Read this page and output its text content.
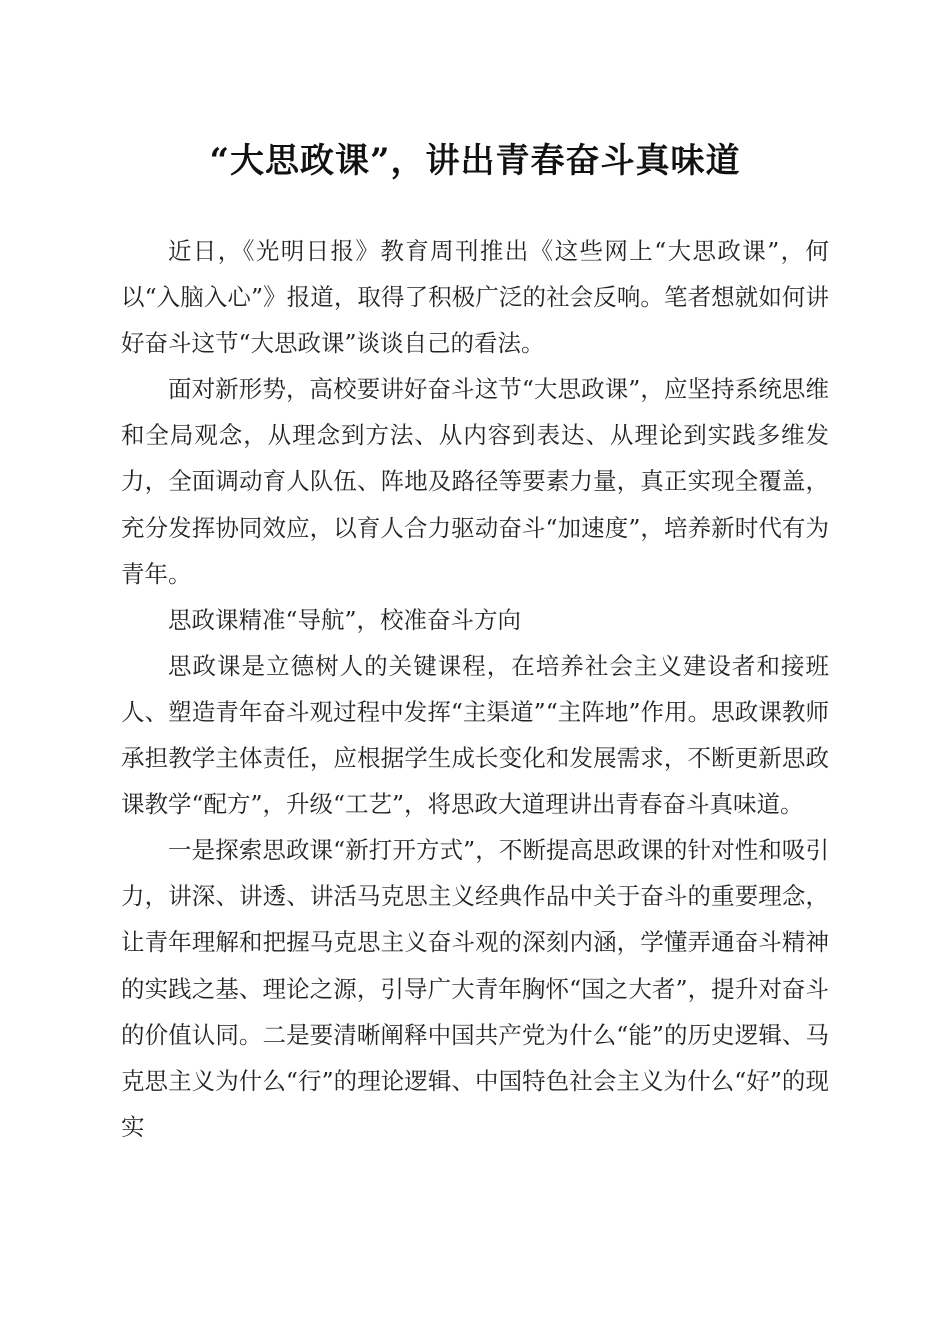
“大思政课”，讲出青春奋斗真味道

近日，《光明日报》教育周刊推出《这些网上“大思政课”，何以“入脑入心”》报道，取得了积极广泛的社会反响。笔者想就如何讲好奋斗这节“大思政课”谈谈自己的看法。

面对新形势，高校要讲好奋斗这节“大思政课”，应坚持系统思维和全局观念，从理念到方法、从内容到表达、从理论到实践多维发力，全面调动育人队伍、阵地及路径等要素力量，真正实现全覆盖，充分发挥协同效应，以育人合力驱动奋斗“加速度”，培养新时代有为青年。

思政课精准“导航”，校准奋斗方向

思政课是立德树人的关键课程，在培养社会主义建设者和接班人、塑造青年奋斗观过程中发挥“主渠道”“主阵地”作用。思政课教师承担教学主体责任，应根据学生成长变化和发展需求，不断更新思政课教学“配方”，升级“工艺”，将思政大道理讲出青春奋斗真味道。

一是探索思政课“新打开方式”，不断提高思政课的针对性和吸引力，讲深、讲透、讲活马克思主义经典作品中关于奋斗的重要理念，让青年理解和把握马克思主义奋斗观的深刻内涵，学懂弄通奋斗精神的实践之基、理论之源，引导广大青年胸怀“国之大者”，提升对奋斗的价值认同。二是要清晰阐释中国共产党为什么“能”的历史逻辑、马克思主义为什么“行”的理论逻辑、中国特色社会主义为什么“好”的现实
